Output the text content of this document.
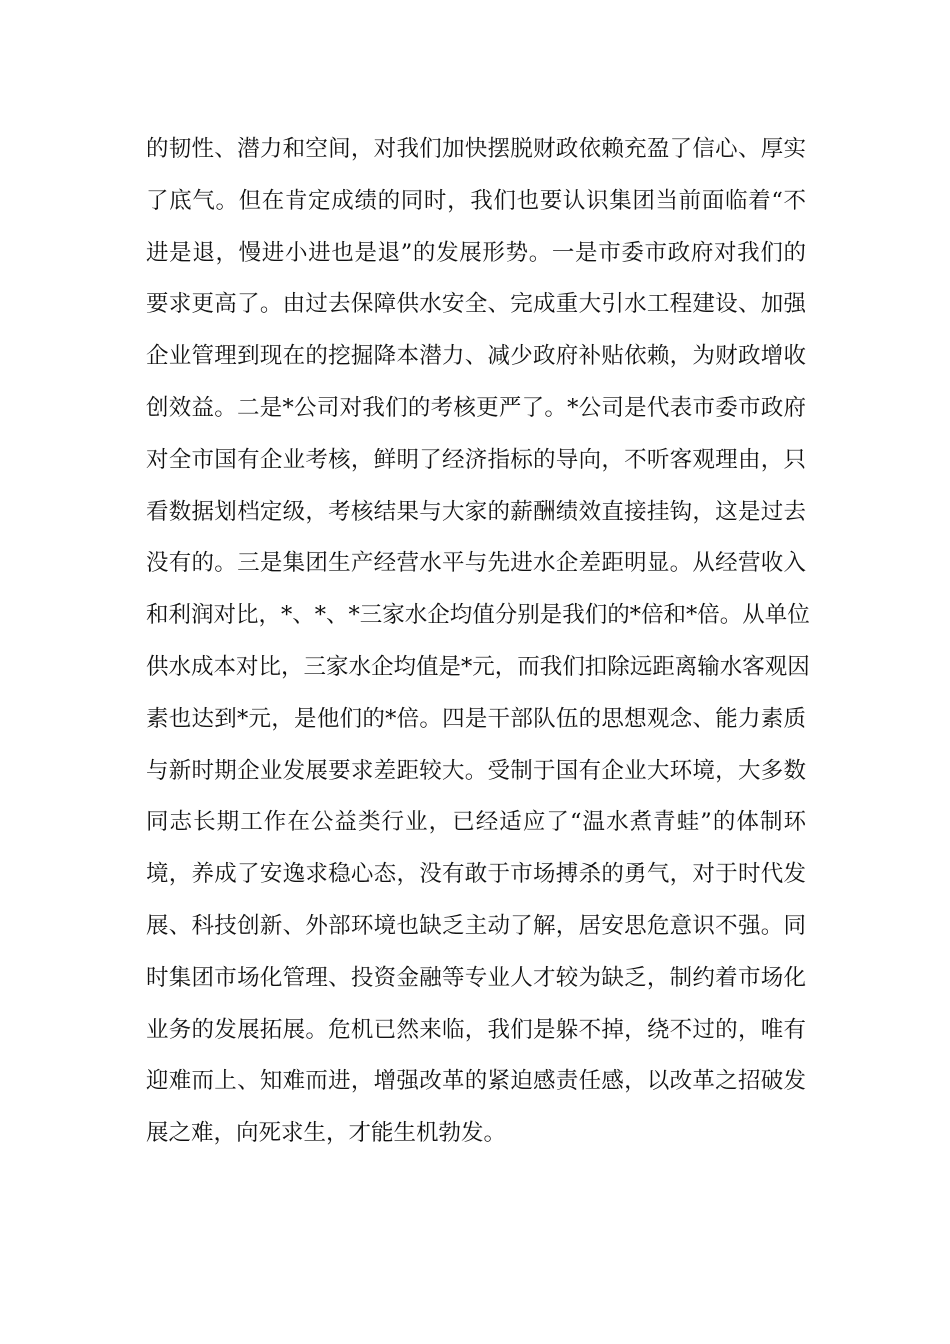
的韧性、潜力和空间，对我们加快摆脱财政依赖充盈了信心、厚实
了底气。但在肯定成绩的同时，我们也要认识集团当前面临着“不
进是退，慢进小进也是退”的发展形势。一是市委市政府对我们的
要求更高了。由过去保障供水安全、完成重大引水工程建设、加强
企业管理到现在的挖掘降本潜力、减少政府补贴依赖，为财政增收
创效益。二是*公司对我们的考核更严了。*公司是代表市委市政府
对全市国有企业考核，鲜明了经济指标的导向，不听客观理由，只
看数据划档定级，考核结果与大家的薪酬绩效直接挂钩，这是过去
没有的。三是集团生产经营水平与先进水企差距明显。从经营收入
和利润对比，*、*、*三家水企均值分别是我们的*倍和*倍。从单位
供水成本对比，三家水企均值是*元，而我们扣除远距离输水客观因
素也达到*元，是他们的*倍。四是干部队伍的思想观念、能力素质
与新时期企业发展要求差距较大。受制于国有企业大环境，大多数
同志长期工作在公益类行业，已经适应了“温水煮青蛙”的体制环
境，养成了安逸求稳心态，没有敢于市场搏杀的勇气，对于时代发
展、科技创新、外部环境也缺乏主动了解，居安思危意识不强。同
时集团市场化管理、投资金融等专业人才较为缺乏，制约着市场化
业务的发展拓展。危机已然来临，我们是躲不掉，绕不过的，唯有
迎难而上、知难而进，增强改革的紧迫感责任感，以改革之招破发
展之难，向死求生，才能生机勃发。
